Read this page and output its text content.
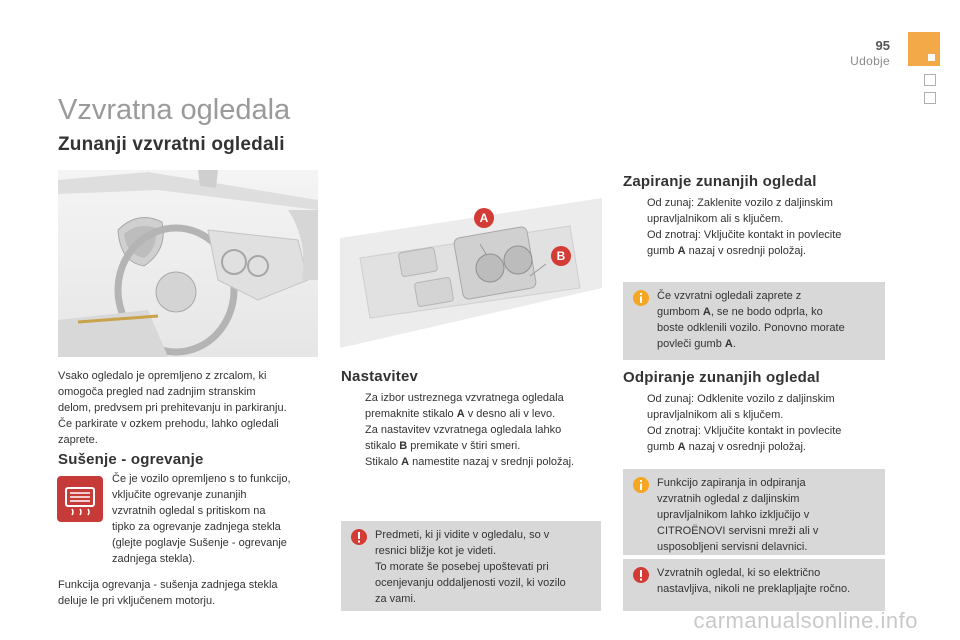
95
Udobje
Vzvratna ogledala
Zunanji vzvratni ogledali
A
B
Vsako ogledalo je opremljeno z zrcalom, ki
omogoča pregled nad zadnjim stranskim
delom, predvsem pri prehitevanju in parkiranju.
Če parkirate v ozkem prehodu, lahko ogledali
zaprete.
Sušenje - ogrevanje
Če je vozilo opremljeno s to funkcijo,
vključite ogrevanje zunanjih
vzvratnih ogledal s pritiskom na
tipko za ogrevanje zadnjega stekla
(glejte poglavje Sušenje - ogrevanje
zadnjega stekla).
Funkcija ogrevanja - sušenja zadnjega stekla
deluje le pri vključenem motorju.
Nastavitev
Za izbor ustreznega vzvratnega ogledala
premaknite stikalo A v desno ali v levo.
Za nastavitev vzvratnega ogledala lahko
stikalo B premikate v štiri smeri.
Stikalo A namestite nazaj v srednji položaj.
Predmeti, ki ji vidite v ogledalu, so v
resnici bližje kot je videti.
To morate še posebej upoštevati pri
ocenjevanju oddaljenosti vozil, ki vozilo
za vami.
Zapiranje zunanjih ogledal
Od zunaj: Zaklenite vozilo z daljinskim
upravljalnikom ali s ključem.
Od znotraj: Vključite kontakt in povlecite
gumb A nazaj v osrednji položaj.
Če vzvratni ogledali zaprete z
gumbom A, se ne bodo odprla, ko
boste odklenili vozilo. Ponovno morate
povleči gumb A.
Odpiranje zunanjih ogledal
Od zunaj: Odklenite vozilo z daljinskim
upravljalnikom ali s ključem.
Od znotraj: Vključite kontakt in povlecite
gumb A nazaj v osrednji položaj.
Funkcijo zapiranja in odpiranja
vzvratnih ogledal z daljinskim
upravljalnikom lahko izključijo v
CITROËNOVI servisni mreži ali v
usposobljeni servisni delavnici.
Vzvratnih ogledal, ki so električno
nastavljiva, nikoli ne preklapljajte ročno.
carmanualsonline.info
